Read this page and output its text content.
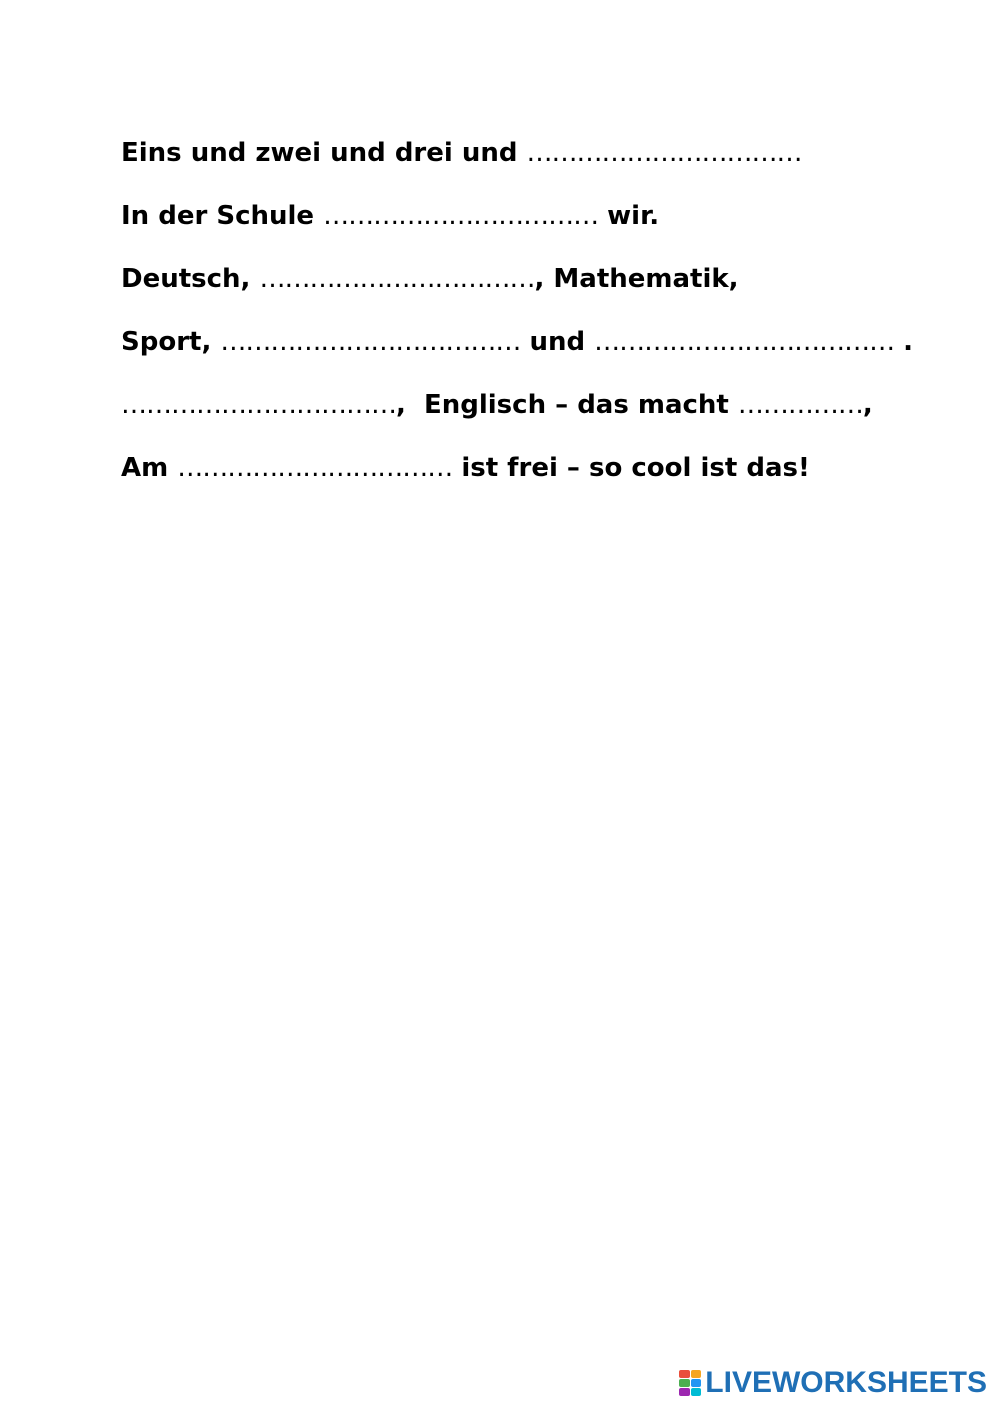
Eins und zwei und drei und ……………………………
In der Schule …………………………… wir.
Deutsch, ……………………………, Mathematik,
Sport, ……………………………… und ……………………………… .
……………………………,  Englisch – das macht ……………,
Am …………………………… ist frei – so cool ist das!
LIVEWORKSHEETS
